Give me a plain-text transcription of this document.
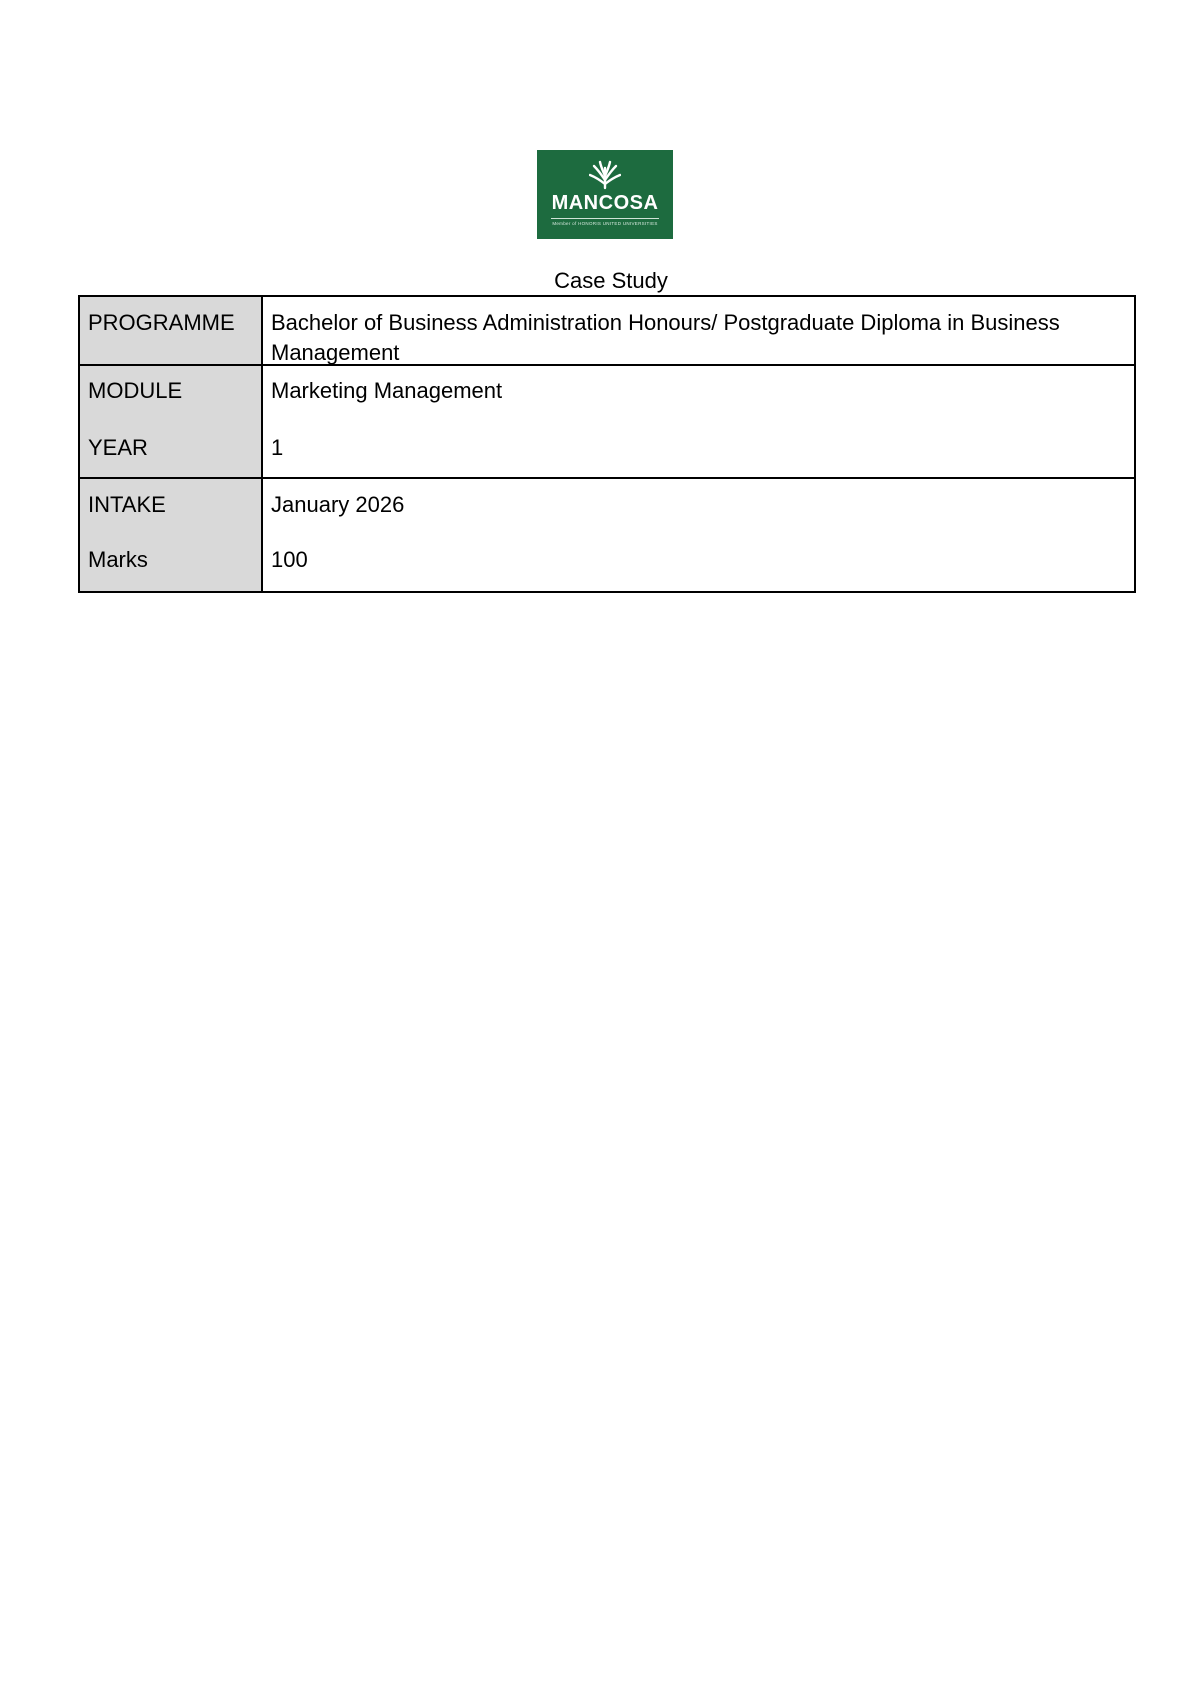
MANCOSA
Member of HONORIS UNITED UNIVERSITIES
Case Study
PROGRAMME Bachelor of Business Administration Honours/ Postgraduate Diploma in Business Management
MODULE	Marketing Management
YEAR	1
INTAKE	January 2026
Marks	100
